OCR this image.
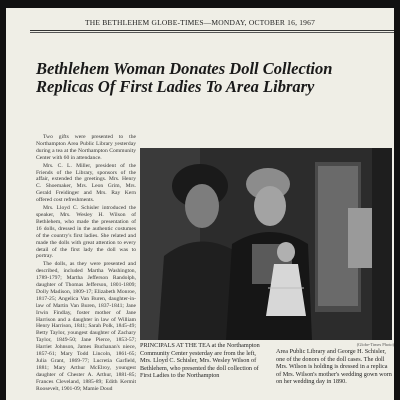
THE BETHLEHEM GLOBE-TIMES—MONDAY, OCTOBER 16, 1967
Bethlehem Woman Donates Doll Collection
Replicas Of First Ladies To Area Library

Two gifts were presented to the Northampton Area Public Library yesterday during a tea at the Northampton Community Center with 60 in attendance.

Mrs. C. L. Miller, president of the Friends of the Library, sponsors of the affair, extended the greetings. Mrs. Henry C. Shoemaker, Mrs. Leon Grim, Mrs. Gerald Freidinger and Mrs. Ray Kern offered cost refreshments.

Mrs. Lloyd C. Schisler introduced the speaker, Mrs. Wesley H. Wilson of Bethlehem, who made the presentation of 16 dolls, dressed in the authentic costumes of the country's first ladies. She related and made the dolls with great attention to every detail of the first lady the doll was to portray.

The dolls, as they were presented and described, included Martha Washington, 1789-1797; Martha Jefferson Randolph, daughter of Thomas Jefferson, 1801-1809; Dolly Madison, 1809-17; Elizabeth Monroe, 1817-25; Angelica Van Buren, daughter-in-law of Martin Van Buren, 1837-1841; Jane Irwin Findlay, foster mother of Jane Harrison and a daughter in law of William Henry Harrison, 1841; Sarah Polk, 1845-49; Betty Taylor, youngest daughter of Zachary Taylor, 1849-50; Jane Pierce, 1853-57; Harriet Johnson, James Buchanan's niece, 1857-61; Mary Todd Lincoln, 1861-65; Julia Grant, 1869-77; Lucretia Garfield, 1881; Mary Arthur McElroy, youngest daughter of Chester A. Arthur, 1881-85; Frances Cleveland, 1885-89; Edith Kermit Roosevelt, 1901-09; Mamie Doud

PRINCIPALS AT THE TEA at the Northampton Community Center yesterday are from the left, Mrs. Lloyd C. Schisler, Mrs. Wesley Wilson of Bethlehem, who presented the doll collection of First Ladies to the Northampton

(Globe-Times Photo)
Area Public Library and George H. Schisler, one of the donors of the doll cases. The doll Mrs. Wilson is holding is dressed in a replica of Mrs. Wilson's mother's wedding gown worn on her wedding day in 1890.
